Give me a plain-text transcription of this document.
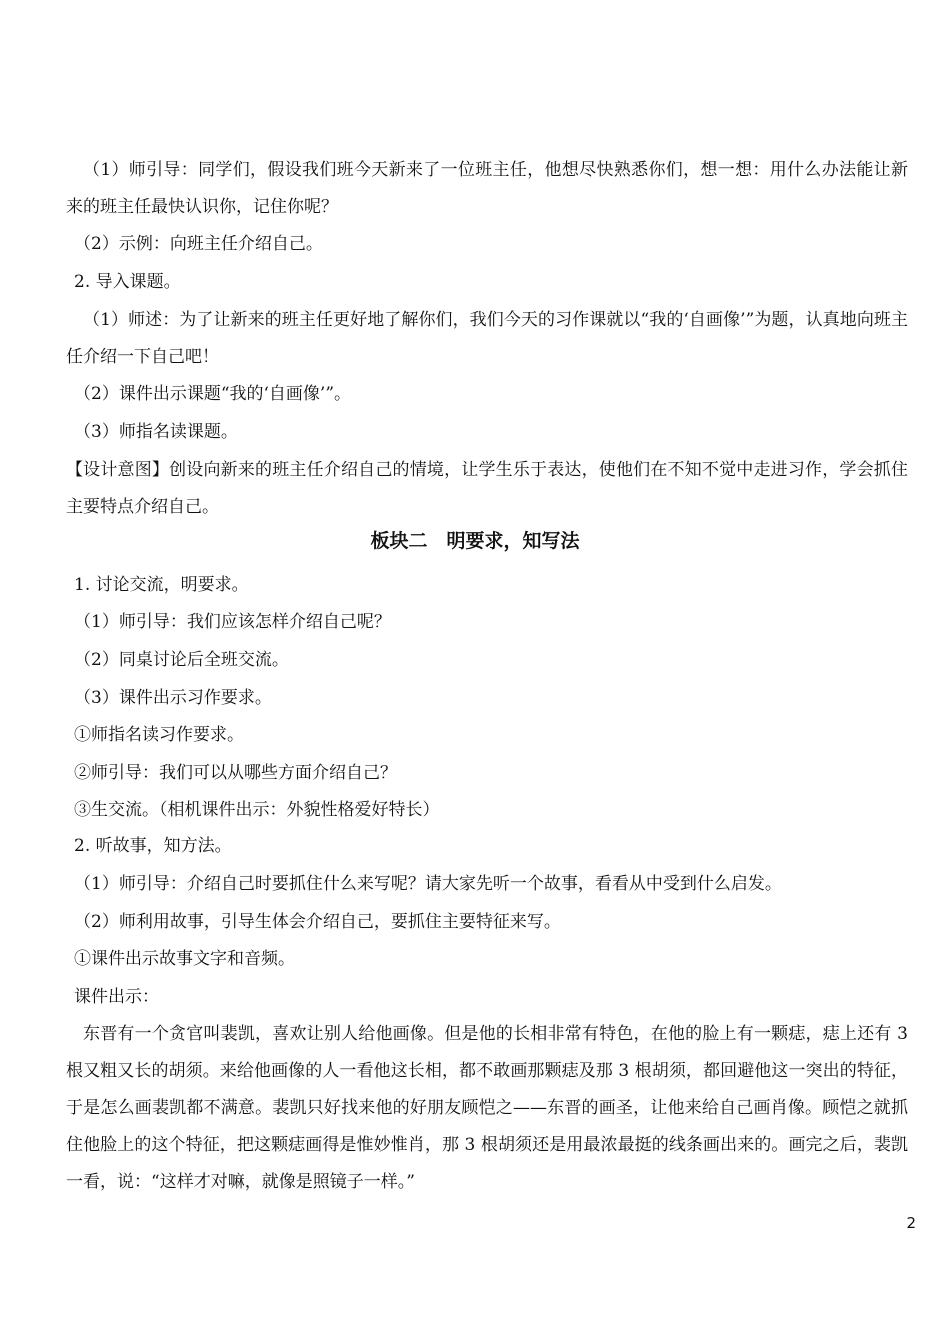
（1）师引导：同学们，假设我们班今天新来了一位班主任，他想尽快熟悉你们，想一想：用什么办法能让新来的班主任最快认识你，记住你呢？

（2）示例：向班主任介绍自己。

2. 导入课题。

（1）师述：为了让新来的班主任更好地了解你们，我们今天的习作课就以“我的‘自画像’”为题，认真地向班主任介绍一下自己吧！

（2）课件出示课题“我的‘自画像’”。

（3）师指名读课题。

【设计意图】创设向新来的班主任介绍自己的情境，让学生乐于表达，使他们在不知不觉中走进习作，学会抓住主要特点介绍自己。

板块二　明要求，知写法

1. 讨论交流，明要求。

（1）师引导：我们应该怎样介绍自己呢？

（2）同桌讨论后全班交流。

（3）课件出示习作要求。

①师指名读习作要求。

②师引导：我们可以从哪些方面介绍自己？

③生交流。（相机课件出示：外貌性格爱好特长）

2. 听故事，知方法。

（1）师引导：介绍自己时要抓住什么来写呢？请大家先听一个故事，看看从中受到什么启发。

（2）师利用故事，引导生体会介绍自己，要抓住主要特征来写。

①课件出示故事文字和音频。

课件出示：

东晋有一个贪官叫裴凯，喜欢让别人给他画像。但是他的长相非常有特色，在他的脸上有一颗痣，痣上还有 3 根又粗又长的胡须。来给他画像的人一看他这长相，都不敢画那颗痣及那 3 根胡须，都回避他这一突出的特征，于是怎么画裴凯都不满意。裴凯只好找来他的好朋友顾恺之——东晋的画圣，让他来给自己画肖像。顾恺之就抓住他脸上的这个特征，把这颗痣画得是惟妙惟肖，那 3 根胡须还是用最浓最挺的线条画出来的。画完之后，裴凯一看，说：“这样才对嘛，就像是照镜子一样。”

2
